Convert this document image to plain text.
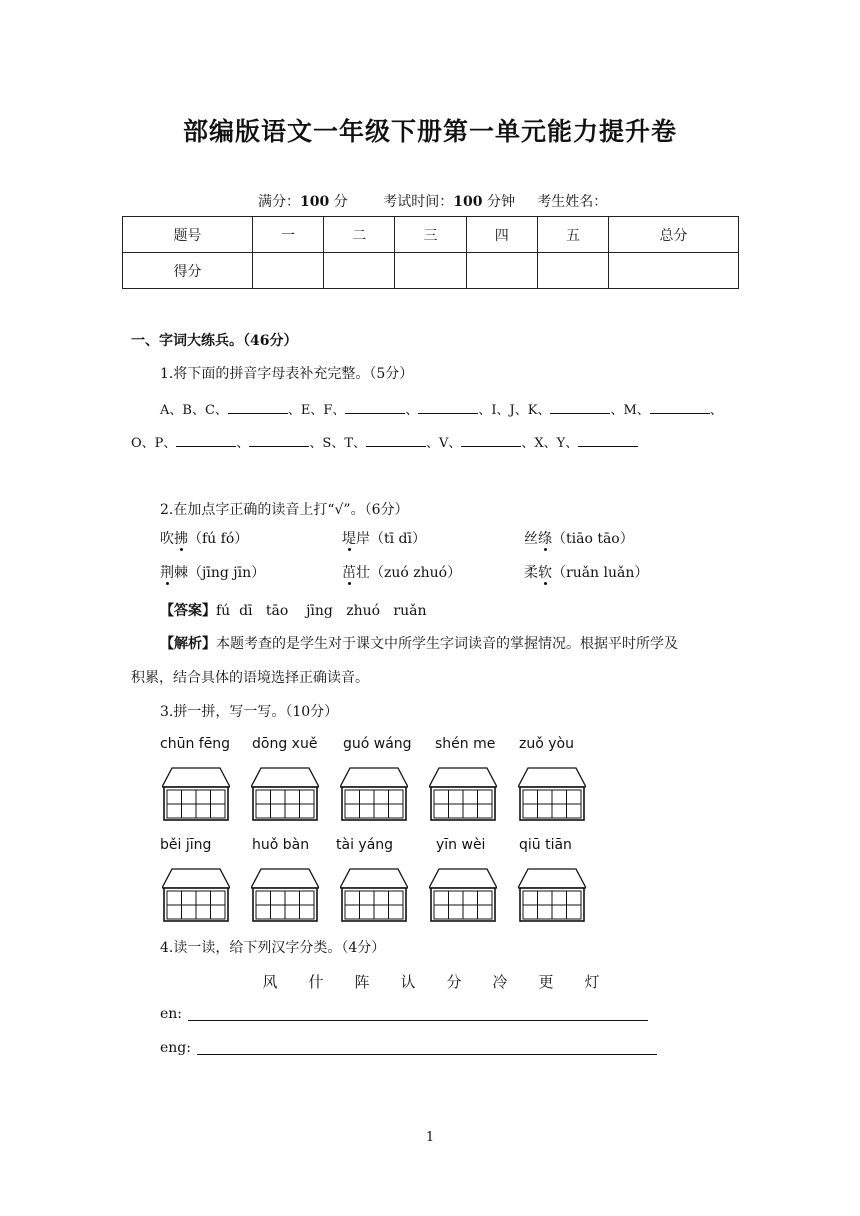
部编版语文一年级下册第一单元能力提升卷
满分：100 分	考试时间：100 分钟 考生姓名：
题号	一	二	三	四	五	总分
得分						
一、字词大练兵。（46分）
1.将下面的拼音字母表补充完整。（5分）
A、B、C、	、E、F、	、	、I、J、K、	、M、	、
O、P、	、	、S、T、	、V、	、X、Y、
2.在加点字正确的读音上打“√”。（6分）
吹拂（fú fó）	堤岸（tī dī）	丝绦（tiāo tāo）
荆棘（jīng jīn）	茁壮（zuó zhuó）	柔软（ruǎn luǎn）
【答案】fú  dī   tāo    jīng   zhuó   ruǎn
【解析】本题考查的是学生对于课文中所学生字词读音的掌握情况。根据平时所学及
积累，结合具体的语境选择正确读音。
3.拼一拼，写一写。（10分）
chūn fēng dōng xuě guó wáng shén me zuǒ yòu
běi jīng	huǒ bàn tài yáng	yīn wèi qiū tiān
4.读一读，给下列汉字分类。（4分）
风 什 阵 认 分 冷 更 灯
en:
eng:
1
